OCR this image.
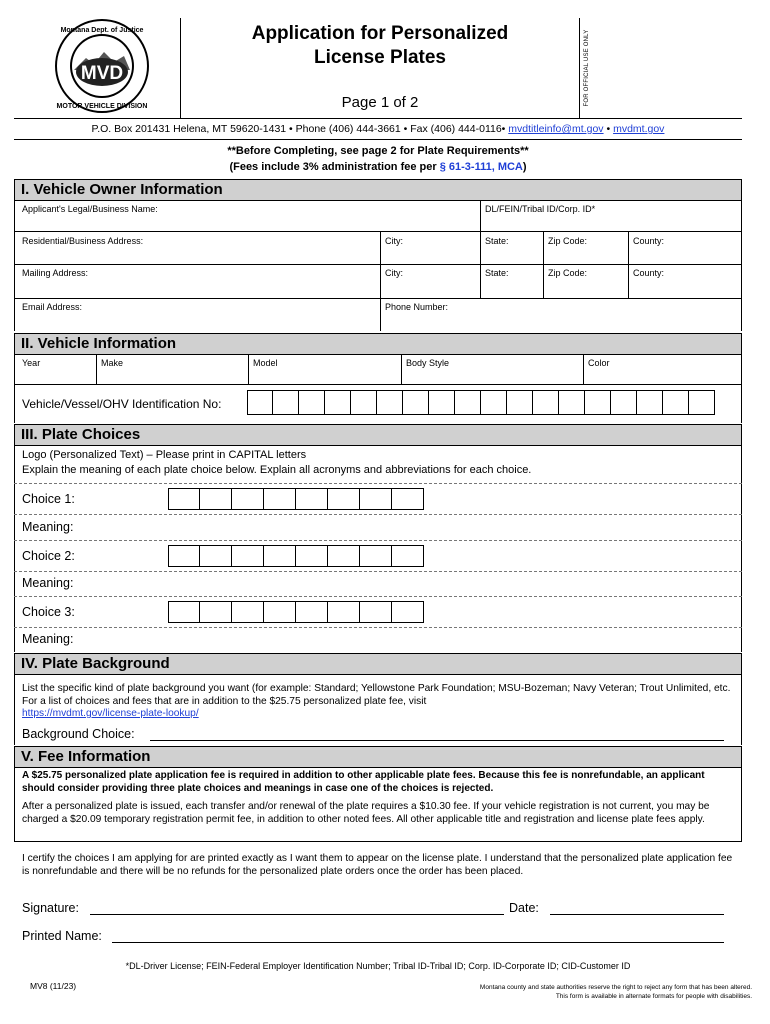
MVD
Montana Dept. of Justice
MOTOR VEHICLE DIVISION
Application for Personalized
License Plates
Page 1 of 2	FOR OFFICIAL USE ONLY
P.O. Box 201431 Helena, MT 59620-1431 • Phone (406) 444-3661 • Fax (406) 444-0116• mvdtitleinfo@mt.gov • mvdmt.gov
**Before Completing, see page 2 for Plate Requirements**
(Fees include 3% administration fee per § 61-3-111, MCA)
I. Vehicle Owner Information
Applicant's Legal/Business Name:	DL/FEIN/Tribal ID/Corp. ID*
Residential/Business Address:	City:	State:	Zip Code:	County:
Mailing Address:	City:	State:	Zip Code:	County:
Email Address:	Phone Number:
II. Vehicle Information
Year	Make	Model	Body Style	Color
Vehicle/Vessel/OHV Identification No:
III. Plate Choices
Logo (Personalized Text) – Please print in CAPITAL letters
Explain the meaning of each plate choice below. Explain all acronyms and abbreviations for each choice.
Choice 1:
Meaning:
Choice 2:
Meaning:
Choice 3:
Meaning:
IV. Plate Background
List the specific kind of plate background you want (for example: Standard; Yellowstone Park Foundation; MSU-Bozeman; Navy Veteran; Trout Unlimited, etc. For a list of choices and fees that are in addition to the $25.75 personalized plate fee, visit
https://mvdmt.gov/license-plate-lookup/
Background Choice:
V. Fee Information
A $25.75 personalized plate application fee is required in addition to other applicable plate fees. Because this fee is nonrefundable, an applicant should consider providing three plate choices and meanings in case one of the choices is rejected.
After a personalized plate is issued, each transfer and/or renewal of the plate requires a $10.30 fee. If your vehicle registration is not current, you may be charged a $20.09 temporary registration permit fee, in addition to other noted fees. All other applicable title and registration and license plate fees apply.
I certify the choices I am applying for are printed exactly as I want them to appear on the license plate. I understand that the personalized plate application fee is nonrefundable and there will be no refunds for the personalized plate orders once the order has been placed.
Signature:	Date:
Printed Name:
*DL-Driver License; FEIN-Federal Employer Identification Number; Tribal ID-Tribal ID; Corp. ID-Corporate ID; CID-Customer ID
MV8 (11/23)	Montana county and state authorities reserve the right to reject any form that has been altered.
This form is available in alternate formats for people with disabilities.
